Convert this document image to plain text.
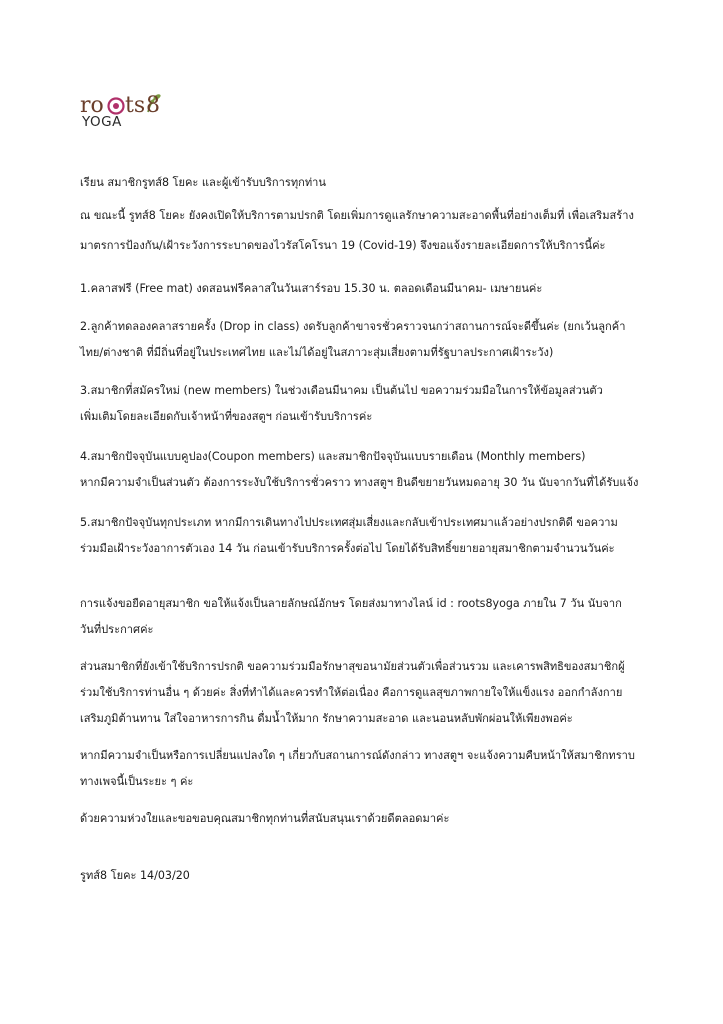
ro ts 8
YOGA

เรียน สมาชิกรูทส์8 โยคะ และผู้เข้ารับบริการทุกท่าน

ณ ขณะนี้ รูทส์8 โยคะ ยังคงเปิดให้บริการตามปรกติ โดยเพิ่มการดูแลรักษาความสะอาดพื้นที่อย่างเต็มที่ เพื่อเสริมสร้าง

มาตรการป้องกัน/เฝ้าระวังการระบาดของไวรัสโคโรนา 19 (Covid-19) จึงขอแจ้งรายละเอียดการให้บริการนี้ค่ะ

1.คลาสฟรี (Free mat) งดสอนฟรีคลาสในวันเสาร์รอบ 15.30 น. ตลอดเดือนมีนาคม- เมษายนค่ะ

2.ลูกค้าทดลองคลาสรายครั้ง (Drop in class) งดรับลูกค้าขาจรชั่วคราวจนกว่าสถานการณ์จะดีขึ้นค่ะ (ยกเว้นลูกค้า

ไทย/ต่างชาติ ที่มีถิ่นที่อยู่ในประเทศไทย และไม่ได้อยู่ในสภาวะสุ่มเสี่ยงตามที่รัฐบาลประกาศเฝ้าระวัง)

3.สมาชิกที่สมัครใหม่ (new members) ในช่วงเดือนมีนาคม เป็นต้นไป ขอความร่วมมือในการให้ข้อมูลส่วนตัว

เพิ่มเติมโดยละเอียดกับเจ้าหน้าที่ของสตูฯ ก่อนเข้ารับบริการค่ะ

4.สมาชิกปัจจุบันแบบคูปอง(Coupon members) และสมาชิกปัจจุบันแบบรายเดือน (Monthly members)

หากมีความจำเป็นส่วนตัว ต้องการระงับใช้บริการชั่วคราว ทางสตูฯ ยินดีขยายวันหมดอายุ 30 วัน นับจากวันที่ได้รับแจ้ง

5.สมาชิกปัจจุบันทุกประเภท หากมีการเดินทางไปประเทศสุ่มเสี่ยงและกลับเข้าประเทศมาแล้วอย่างปรกติดี ขอความ

ร่วมมือเฝ้าระวังอาการตัวเอง 14 วัน ก่อนเข้ารับบริการครั้งต่อไป โดยได้รับสิทธิ์ขยายอายุสมาชิกตามจำนวนวันค่ะ

การแจ้งขอยืดอายุสมาชิก ขอให้แจ้งเป็นลายลักษณ์อักษร โดยส่งมาทางไลน์ id : roots8yoga ภายใน 7 วัน นับจาก

วันที่ประกาศค่ะ

ส่วนสมาชิกที่ยังเข้าใช้บริการปรกติ ขอความร่วมมือรักษาสุขอนามัยส่วนตัวเพื่อส่วนรวม และเคารพสิทธิของสมาชิกผู้

ร่วมใช้บริการท่านอื่น ๆ ด้วยค่ะ สิ่งที่ทำได้และควรทำให้ต่อเนื่อง คือการดูแลสุขภาพกายใจให้แข็งแรง ออกกำลังกาย

เสริมภูมิต้านทาน ใส่ใจอาหารการกิน ดื่มน้ำให้มาก รักษาความสะอาด และนอนหลับพักผ่อนให้เพียงพอค่ะ

หากมีความจำเป็นหรือการเปลี่ยนแปลงใด ๆ เกี่ยวกับสถานการณ์ดังกล่าว ทางสตูฯ จะแจ้งความคืบหน้าให้สมาชิกทราบ

ทางเพจนี้เป็นระยะ ๆ ค่ะ

ด้วยความห่วงใยและขอขอบคุณสมาชิกทุกท่านที่สนับสนุนเราด้วยดีตลอดมาค่ะ

รูทส์8 โยคะ 14/03/20
